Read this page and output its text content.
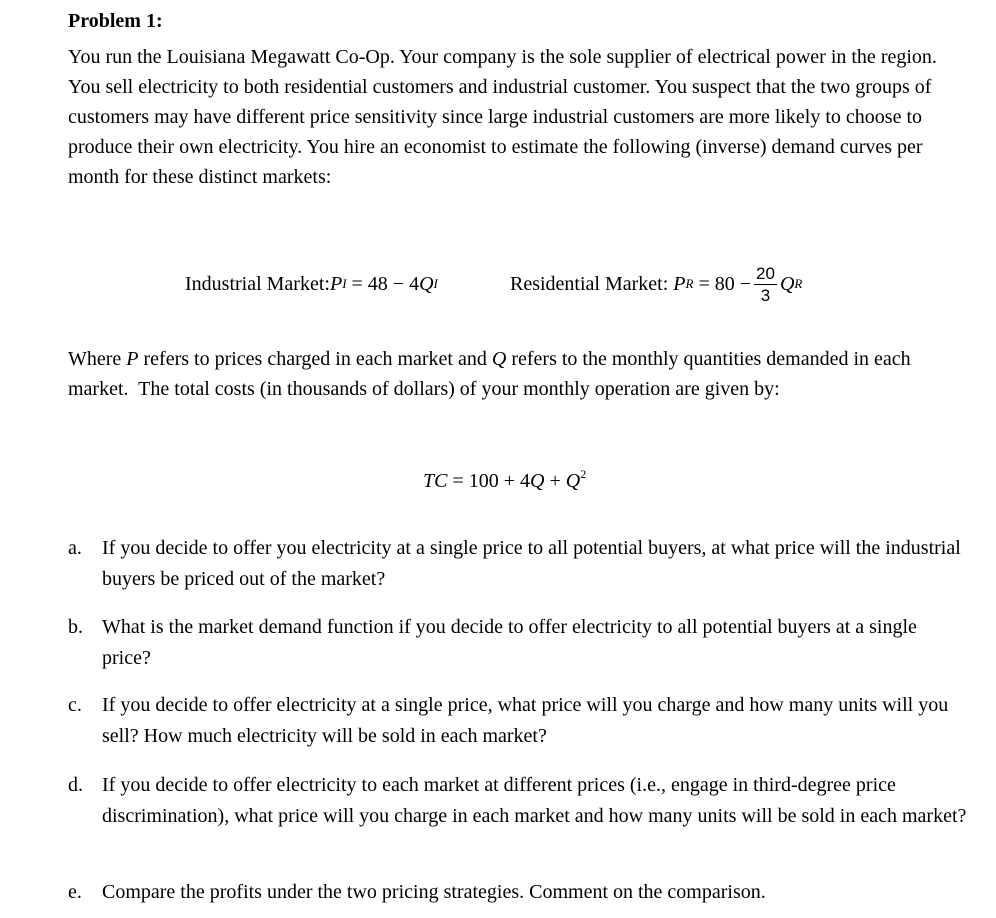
Problem 1:

You run the Louisiana Megawatt Co-Op. Your company is the sole supplier of electrical power in the region. You sell electricity to both residential customers and industrial customer. You suspect that the two groups of customers may have different price sensitivity since large industrial customers are more likely to choose to produce their own electricity. You hire an economist to estimate the following (inverse) demand curves per month for these distinct markets:

Industrial Market: P I = 48 − 4 Q I	Residential Market: P $R = 80 - \frac{20}{3}$ Q R

Where P refers to prices charged in each market and Q refers to the monthly quantities demanded in each market.  The total costs (in thousands of dollars) of your monthly operation are given by:

TC = $100 + 4Q + Q^2$
a. If you decide to offer you electricity at a single price to all potential buyers, at what price will the industrial buyers be priced out of the market?

b. What is the market demand function if you decide to offer electricity to all potential buyers at a single price?

c. If you decide to offer electricity at a single price, what price will you charge and how many units will you sell? How much electricity will be sold in each market?

d. If you decide to offer electricity to each market at different prices (i.e., engage in third-degree price discrimination), what price will you charge in each market and how many units will be sold in each market?

e. Compare the profits under the two pricing strategies. Comment on the comparison.
